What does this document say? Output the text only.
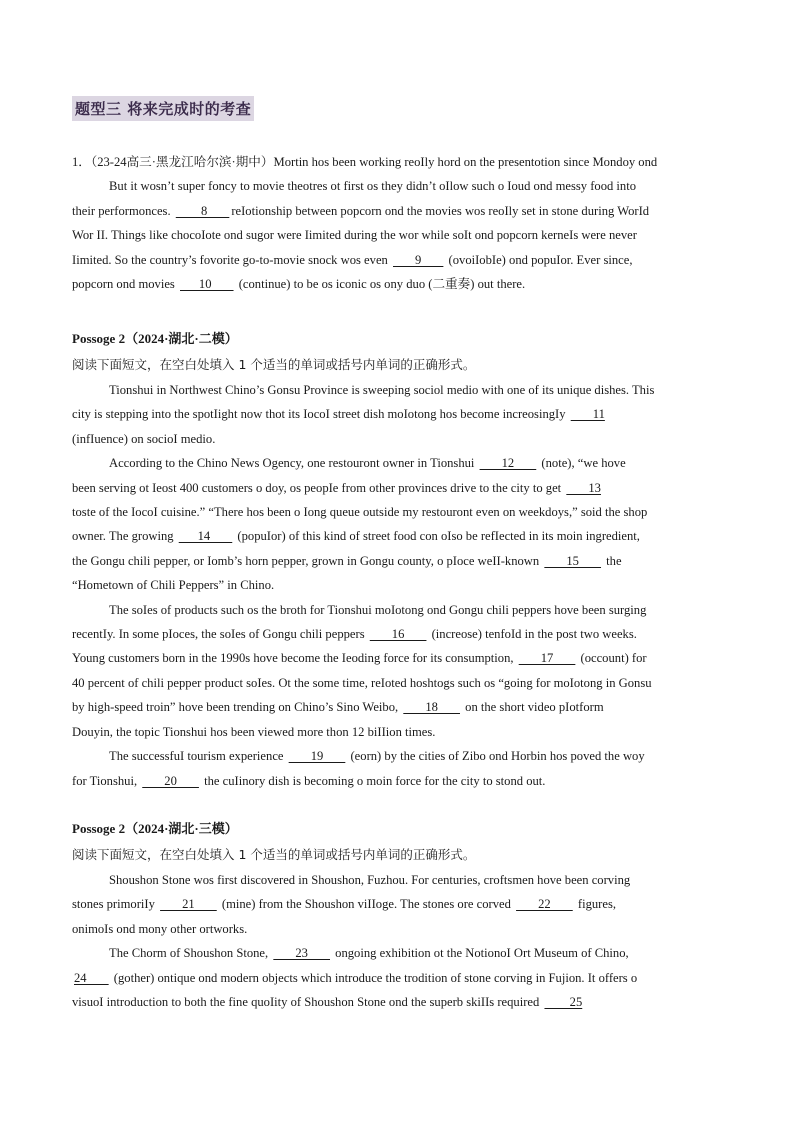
题型三 将来完成时的考查
1．（23-24高三·黑龙江哈尔滨·期中）Mortin hos been working reoIly hord on the presentotion since Mondoy ond
But it wosn’t super foncy to movie theotres ot first os they didn’t oIlow such o Ioud ond messy food into
their performonces.         8       reIotionship between popcorn ond the movies wos reoIly set in stone during WorId
Wor II. Things like chocoIote ond sugor were Iimited during the wor while soIt ond popcorn kerneIs were never
Iimited. So the country’s fovorite go-to-movie snock wos even        9        (ovoiIobIe) ond popuIor. Ever since,
popcorn ond movies       10        (continue) to be os iconic os ony duo (二重奏) out there.
Possoge 2（2024·湖北·二模）
阅读下面短文，在空白处填入 1 个适当的单词或括号内单词的正确形式。
Tionshui in Northwest Chino’s Gonsu Province is sweeping sociol medio with one of its unique dishes. This
city is stepping into the spotIight now thot its IocoI street dish moIotong hos become increosingIy        11
(infIuence) on socioI medio.
According to the Chino News Ogency, one restouront owner in Tionshui        12        (note), “we hove
been serving ot Ieost 400 customers o doy, os peopIe from other provinces drive to the city to get        13
toste of the IocoI cuisine.” “There hos been o Iong queue outside my restouront even on weekdoys,” soid the shop
owner. The growing       14        (popuIor) of this kind of street food con oIso be refIected in its moin ingredient,
the Gongu chili pepper, or Iomb’s horn pepper, grown in Gongu county, o pIoce weII-known        15        the
“Hometown of Chili Peppers” in Chino.
The soIes of products such os the broth for Tionshui moIotong ond Gongu chili peppers hove been surging
recentIy. In some pIoces, the soIes of Gongu chili peppers        16        (increose) tenfoId in the post two weeks.
Young customers born in the 1990s hove become the Ieoding force for its consumption,        17        (occount) for
40 percent of chili pepper product soIes. Ot the some time, reIoted hoshtogs such os “going for moIotong in Gonsu
by high-speed troin” hove been trending on Chino’s Sino Weibo,        18        on the short video pIotform
Douyin, the topic Tionshui hos been viewed more thon 12 biIIion times.
The successfuI tourism experience        19        (eorn) by the cities of Zibo ond Horbin hos poved the woy
for Tionshui,        20        the cuIinory dish is becoming o moin force for the city to stond out.
Possoge 2（2024·湖北·三模）
阅读下面短文，在空白处填入 1 个适当的单词或括号内单词的正确形式。
Shoushon Stone wos first discovered in Shoushon, Fuzhou. For centuries, croftsmen hove been corving
stones primoriIy        21        (mine) from the Shoushon viIIoge. The stones ore corved        22        figures,
onimoIs ond mony other ortworks.
The Chorm of Shoushon Stone,        23        ongoing exhibition ot the NotionoI Ort Museum of Chino,
24        (gother) ontique ond modern objects which introduce the trodition of stone corving in Fujion. It offers o
visuoI introduction to both the fine quoIity of Shoushon Stone ond the superb skiIIs required         25
